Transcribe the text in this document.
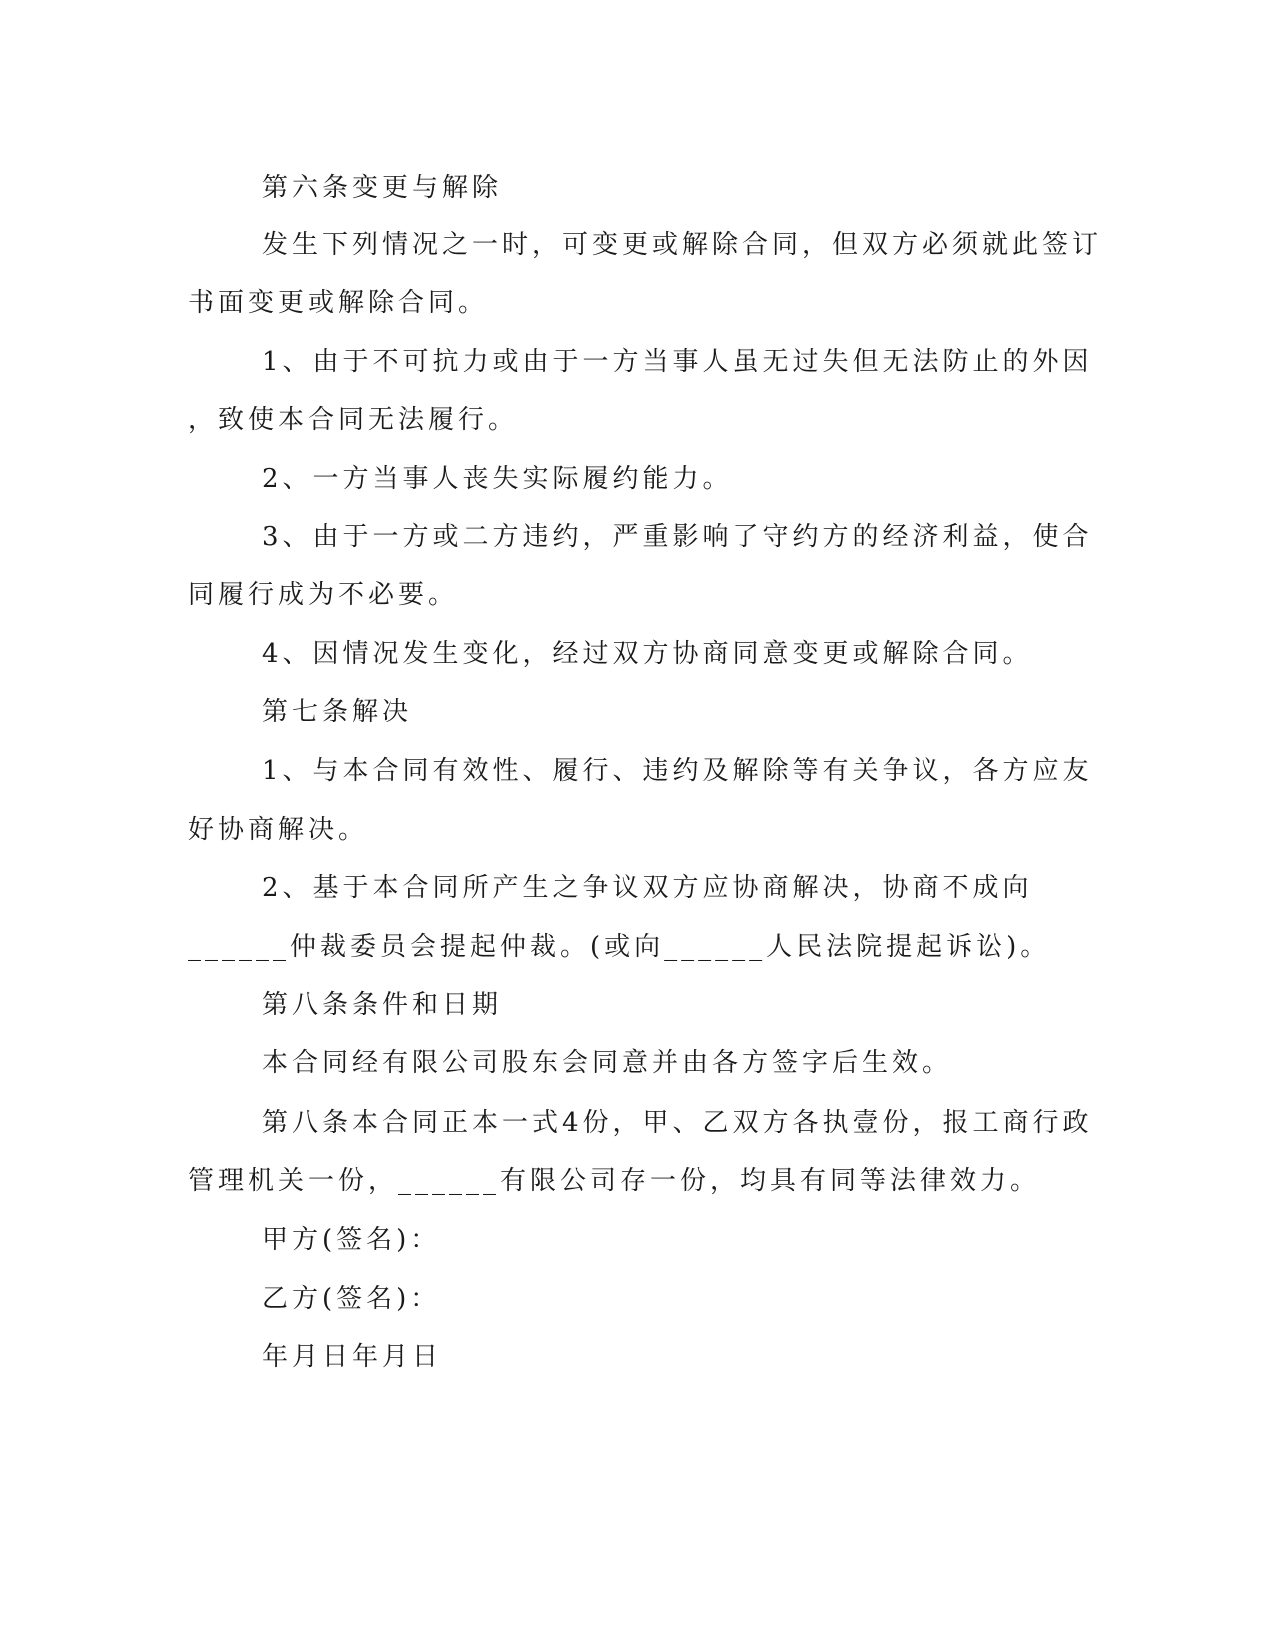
第六条变更与解除
发生下列情况之一时，可变更或解除合同，但双方必须就此签订
书面变更或解除合同。
1、由于不可抗力或由于一方当事人虽无过失但无法防止的外因
，致使本合同无法履行。
2、一方当事人丧失实际履约能力。
3、由于一方或二方违约，严重影响了守约方的经济利益，使合
同履行成为不必要。
4、因情况发生变化，经过双方协商同意变更或解除合同。
第七条解决
1、与本合同有效性、履行、违约及解除等有关争议，各方应友
好协商解决。
2、基于本合同所产生之争议双方应协商解决，协商不成向
______仲裁委员会提起仲裁。(或向______人民法院提起诉讼)。
第八条条件和日期
本合同经有限公司股东会同意并由各方签字后生效。
第八条本合同正本一式4份，甲、乙双方各执壹份，报工商行政
管理机关一份，______有限公司存一份，均具有同等法律效力。
甲方(签名)：
乙方(签名)：
年月日年月日
